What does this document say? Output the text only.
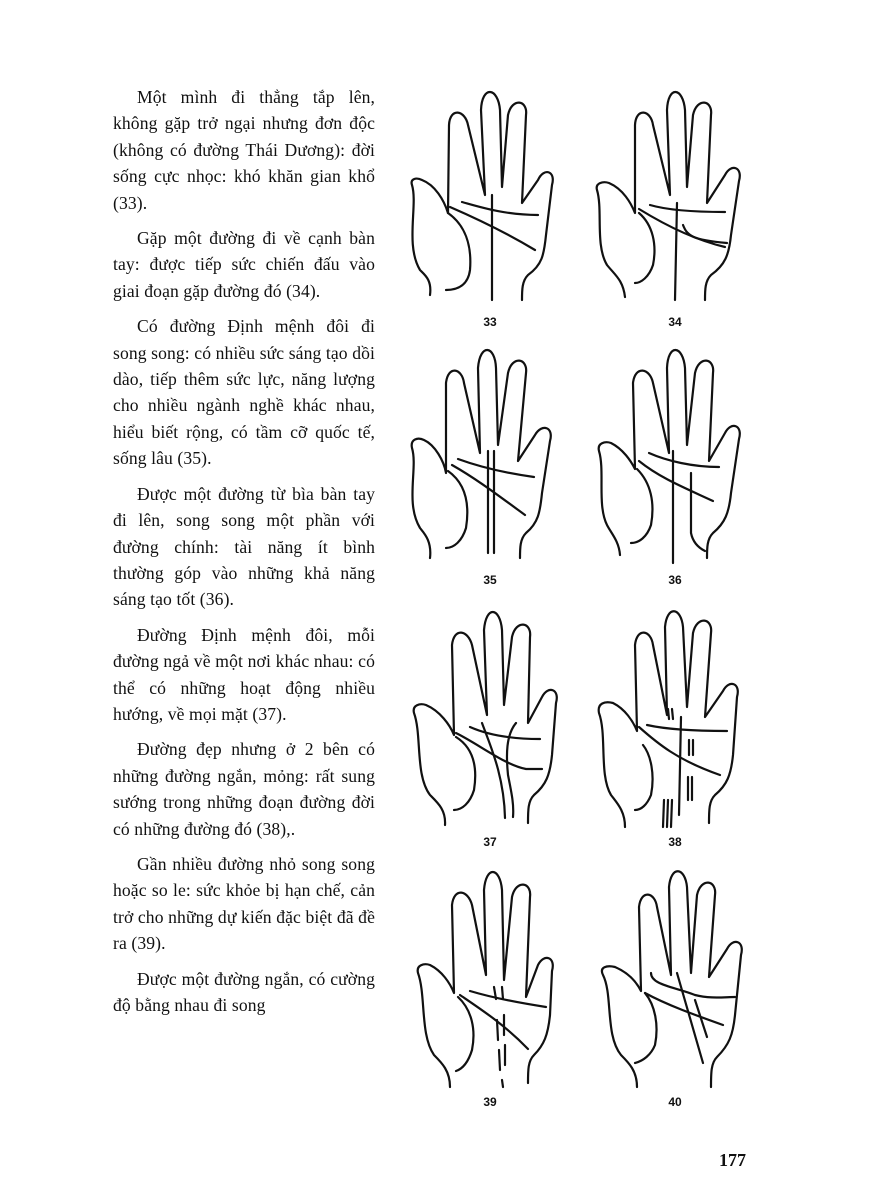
Một mình đi thẳng tắp lên, không gặp trở ngại nhưng đơn độc (không có đường Thái Dương): đời sống cực nhọc: khó khăn gian khổ (33).

Gặp một đường đi về cạnh bàn tay: được tiếp sức chiến đấu vào giai đoạn gặp đường đó (34).

Có đường Định mệnh đôi đi song song: có nhiều sức sáng tạo dồi dào, tiếp thêm sức lực, năng lượng cho nhiều ngành nghề khác nhau, hiểu biết rộng, có tầm cỡ quốc tế, sống lâu (35).

Được một đường từ bìa bàn tay đi lên, song song một phần với đường chính: tài năng ít bình thường góp vào những khả năng sáng tạo tốt (36).

Đường Định mệnh đôi, mỗi đường ngả về một nơi khác nhau: có thể có những hoạt động nhiều hướng, về mọi mặt (37).

Đường đẹp nhưng ở 2 bên có những đường ngắn, mỏng: rất sung sướng trong những đoạn đường đời có những đường đó (38),.

Gần nhiều đường nhỏ song song hoặc so le: sức khỏe bị hạn chế, cản trở cho những dự kiến đặc biệt đã đề ra (39).

Được một đường ngắn, có cường độ bằng nhau đi song

33	34
35	36
37	38
39	40
177
